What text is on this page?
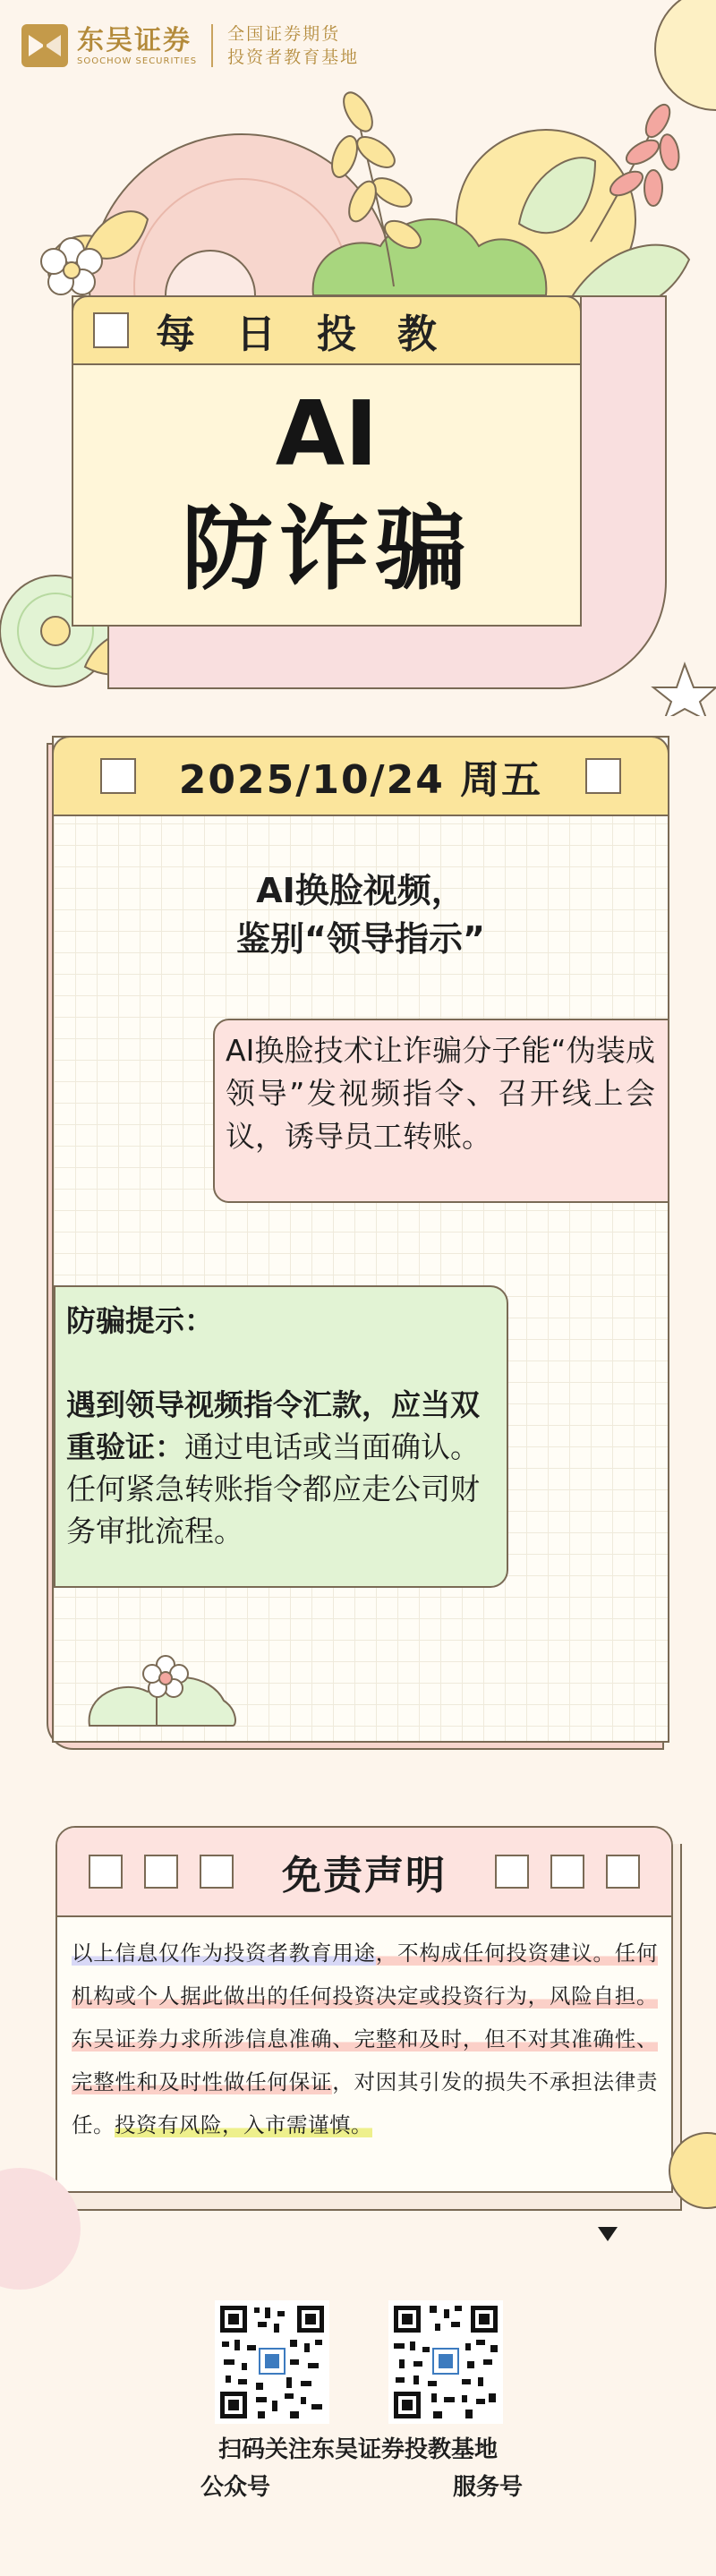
东吴证券
SOOCHOW SECURITIES
全国证券期货
投资者教育基地
每日投教
AI
防诈骗
2025/10/24 周五
AI换脸视频，
鉴别“领导指示”
AI换脸技术让诈骗分子能“伪装成领导”发视频指令、召开线上会议，诱导员工转账。
防骗提示：
遇到领导视频指令汇款，应当双重验证：通过电话或当面确认。任何紧急转账指令都应走公司财务审批流程。
免责声明
以上信息仅作为投资者教育用途，不构成任何投资建议。任何机构或个人据此做出的任何投资决定或投资行为，风险自担。东吴证券力求所涉信息准确、完整和及时，但不对其准确性、完整性和及时性做任何保证，对因其引发的损失不承担法律责任。投资有风险，入市需谨慎。
扫码关注东吴证券投教基地
公众号	服务号
